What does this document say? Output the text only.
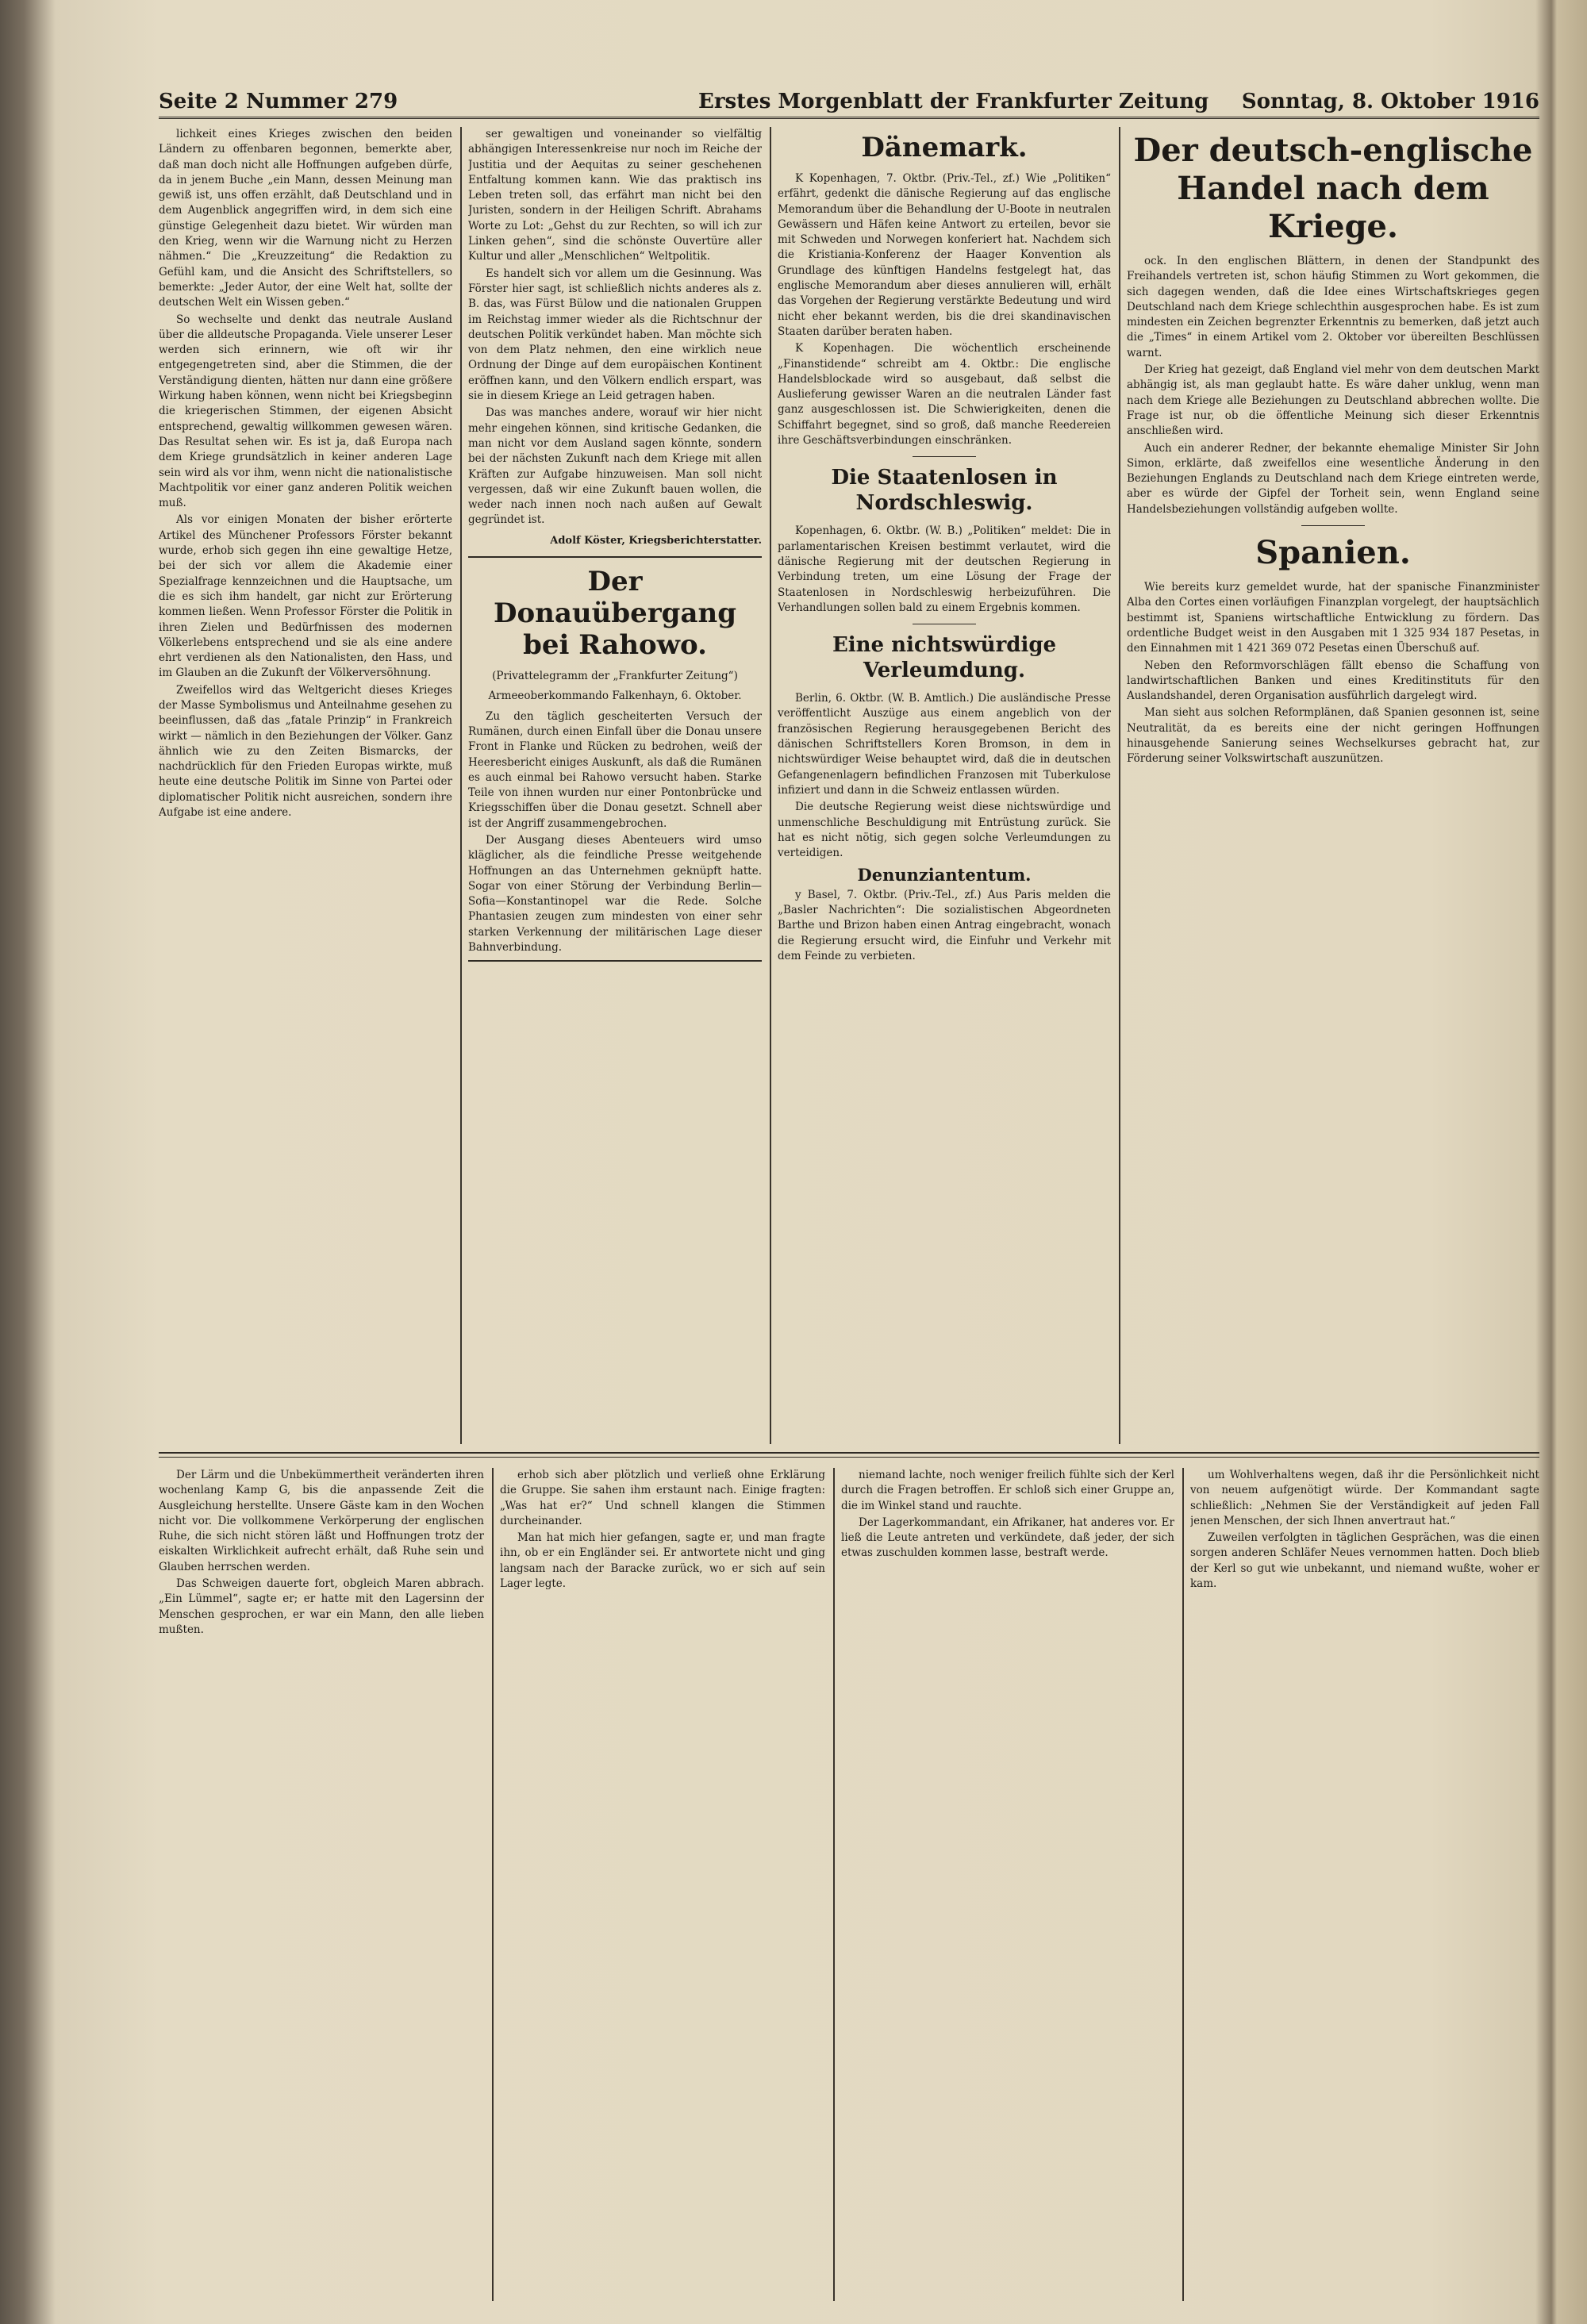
Seite 2 Nummer 279	Erstes Morgenblatt der Frankfurter Zeitung Sonntag, 8. Oktober 1916

lichkeit eines Krieges zwischen den beiden Ländern zu offenbaren begonnen, bemerkte aber, daß man doch nicht alle Hoffnungen aufgeben dürfe, da in jenem Buche „ein Mann, dessen Meinung man gewiß ist, uns offen erzählt, daß Deutschland und in dem Augenblick angegriffen wird, in dem sich eine günstige Gelegenheit dazu bietet. Wir würden man den Krieg, wenn wir die Warnung nicht zu Herzen nähmen.“ Die „Kreuzzeitung“ die Redaktion zu Gefühl kam, und die Ansicht des Schriftstellers, so bemerkte: „Jeder Autor, der eine Welt hat, sollte der deutschen Welt ein Wissen geben.“

So wechselte und denkt das neutrale Ausland über die alldeutsche Propaganda. Viele unserer Leser werden sich erinnern, wie oft wir ihr entgegengetreten sind, aber die Stimmen, die der Verständigung dienten, hätten nur dann eine größere Wirkung haben können, wenn nicht bei Kriegsbeginn die kriegerischen Stimmen, der eigenen Absicht entsprechend, gewaltig willkommen gewesen wären. Das Resultat sehen wir. Es ist ja, daß Europa nach dem Kriege grundsätzlich in keiner anderen Lage sein wird als vor ihm, wenn nicht die nationalistische Machtpolitik vor einer ganz anderen Politik weichen muß.

Als vor einigen Monaten der bisher erörterte Artikel des Münchener Professors Förster bekannt wurde, erhob sich gegen ihn eine gewaltige Hetze, bei der sich vor allem die Akademie einer Spezialfrage kennzeichnen und die Hauptsache, um die es sich ihm handelt, gar nicht zur Erörterung kommen ließen. Wenn Professor Förster die Politik in ihren Zielen und Bedürfnissen des modernen Völkerlebens entsprechend und sie als eine andere ehrt verdienen als den Nationalisten, den Hass, und im Glauben an die Zukunft der Völkerversöhnung.

Zweifellos wird das Weltgericht dieses Krieges der Masse Symbolismus und Anteilnahme gesehen zu beeinflussen, daß das „fatale Prinzip“ in Frankreich wirkt — nämlich in den Beziehungen der Völker. Ganz ähnlich wie zu den Zeiten Bismarcks, der nachdrücklich für den Frieden Europas wirkte, muß heute eine deutsche Politik im Sinne von Partei oder diplomatischer Politik nicht ausreichen, sondern ihre Aufgabe ist eine andere.

ser gewaltigen und voneinander so vielfältig abhängigen Interessenkreise nur noch im Reiche der Justitia und der Aequitas zu seiner geschehenen Entfaltung kommen kann. Wie das praktisch ins Leben treten soll, das erfährt man nicht bei den Juristen, sondern in der Heiligen Schrift. Abrahams Worte zu Lot: „Gehst du zur Rechten, so will ich zur Linken gehen“, sind die schönste Ouvertüre aller Kultur und aller „Menschlichen“ Weltpolitik.

Es handelt sich vor allem um die Gesinnung. Was Förster hier sagt, ist schließlich nichts anderes als z. B. das, was Fürst Bülow und die nationalen Gruppen im Reichstag immer wieder als die Richtschnur der deutschen Politik verkündet haben. Man möchte sich von dem Platz nehmen, den eine wirklich neue Ordnung der Dinge auf dem europäischen Kontinent eröffnen kann, und den Völkern endlich erspart, was sie in diesem Kriege an Leid getragen haben.

Das was manches andere, worauf wir hier nicht mehr eingehen können, sind kritische Gedanken, die man nicht vor dem Ausland sagen könnte, sondern bei der nächsten Zukunft nach dem Kriege mit allen Kräften zur Aufgabe hinzuweisen. Man soll nicht vergessen, daß wir eine Zukunft bauen wollen, die weder nach innen noch nach außen auf Gewalt gegründet ist.

Adolf Köster, Kriegsberichterstatter.
Der Donauübergang bei Rahowo.
(Privattelegramm der „Frankfurter Zeitung“)
Armeeoberkommando Falkenhayn, 6. Oktober.

Zu den täglich gescheiterten Versuch der Rumänen, durch einen Einfall über die Donau unsere Front in Flanke und Rücken zu bedrohen, weiß der Heeresbericht einiges Auskunft, als daß die Rumänen es auch einmal bei Rahowo versucht haben. Starke Teile von ihnen wurden nur einer Pontonbrücke und Kriegsschiffen über die Donau gesetzt. Schnell aber ist der Angriff zusammengebrochen.

Der Ausgang dieses Abenteuers wird umso kläglicher, als die feindliche Presse weitgehende Hoffnungen an das Unternehmen geknüpft hatte. Sogar von einer Störung der Verbindung Berlin—Sofia—Konstantinopel war die Rede. Solche Phantasien zeugen zum mindesten von einer sehr starken Verkennung der militärischen Lage dieser Bahnverbindung.

Dänemark.

K Kopenhagen, 7. Oktbr. (Priv.-Tel., zf.) Wie „Politiken“ erfährt, gedenkt die dänische Regierung auf das englische Memorandum über die Behandlung der U-Boote in neutralen Gewässern und Häfen keine Antwort zu erteilen, bevor sie mit Schweden und Norwegen konferiert hat. Nachdem sich die Kristiania-Konferenz der Haager Konvention als Grundlage des künftigen Handelns festgelegt hat, das englische Memorandum aber dieses annulieren will, erhält das Vorgehen der Regierung verstärkte Bedeutung und wird nicht eher bekannt werden, bis die drei skandinavischen Staaten darüber beraten haben.

K Kopenhagen. Die wöchentlich erscheinende „Finanstidende“ schreibt am 4. Oktbr.: Die englische Handelsblockade wird so ausgebaut, daß selbst die Auslieferung gewisser Waren an die neutralen Länder fast ganz ausgeschlossen ist. Die Schwierigkeiten, denen die Schiffahrt begegnet, sind so groß, daß manche Reedereien ihre Geschäftsverbindungen einschränken.

Die Staatenlosen in Nordschleswig.

Kopenhagen, 6. Oktbr. (W. B.) „Politiken“ meldet: Die in parlamentarischen Kreisen bestimmt verlautet, wird die dänische Regierung mit der deutschen Regierung in Verbindung treten, um eine Lösung der Frage der Staatenlosen in Nordschleswig herbeizuführen. Die Verhandlungen sollen bald zu einem Ergebnis kommen.

Eine nichtswürdige Verleumdung.

Berlin, 6. Oktbr. (W. B. Amtlich.) Die ausländische Presse veröffentlicht Auszüge aus einem angeblich von der französischen Regierung herausgegebenen Bericht des dänischen Schriftstellers Koren Bromson, in dem in nichtswürdiger Weise behauptet wird, daß die in deutschen Gefangenenlagern befindlichen Franzosen mit Tuberkulose infiziert und dann in die Schweiz entlassen würden.

Die deutsche Regierung weist diese nichtswürdige und unmenschliche Beschuldigung mit Entrüstung zurück. Sie hat es nicht nötig, sich gegen solche Verleumdungen zu verteidigen.

Denunziantentum.

y Basel, 7. Oktbr. (Priv.-Tel., zf.) Aus Paris melden die „Basler Nachrichten“: Die sozialistischen Abgeordneten Barthe und Brizon haben einen Antrag eingebracht, wonach die Regierung ersucht wird, die Einfuhr und Verkehr mit dem Feinde zu verbieten.

Der deutsch-englische Handel nach dem Kriege.

ock. In den englischen Blättern, in denen der Standpunkt des Freihandels vertreten ist, schon häufig Stimmen zu Wort gekommen, die sich dagegen wenden, daß die Idee eines Wirtschaftskrieges gegen Deutschland nach dem Kriege schlechthin ausgesprochen habe. Es ist zum mindesten ein Zeichen begrenzter Erkenntnis zu bemerken, daß jetzt auch die „Times“ in einem Artikel vom 2. Oktober vor übereilten Beschlüssen warnt.

Der Krieg hat gezeigt, daß England viel mehr von dem deutschen Markt abhängig ist, als man geglaubt hatte. Es wäre daher unklug, wenn man nach dem Kriege alle Beziehungen zu Deutschland abbrechen wollte. Die Frage ist nur, ob die öffentliche Meinung sich dieser Erkenntnis anschließen wird.

Auch ein anderer Redner, der bekannte ehemalige Minister Sir John Simon, erklärte, daß zweifellos eine wesentliche Änderung in den Beziehungen Englands zu Deutschland nach dem Kriege eintreten werde, aber es würde der Gipfel der Torheit sein, wenn England seine Handelsbeziehungen vollständig aufgeben wollte.

Spanien.

Wie bereits kurz gemeldet wurde, hat der spanische Finanzminister Alba den Cortes einen vorläufigen Finanzplan vorgelegt, der hauptsächlich bestimmt ist, Spaniens wirtschaftliche Entwicklung zu fördern. Das ordentliche Budget weist in den Ausgaben mit 1 325 934 187 Pesetas, in den Einnahmen mit 1 421 369 072 Pesetas einen Überschuß auf.

Neben den Reformvorschlägen fällt ebenso die Schaffung von landwirtschaftlichen Banken und eines Kreditinstituts für den Auslandshandel, deren Organisation ausführlich dargelegt wird.

Man sieht aus solchen Reformplänen, daß Spanien gesonnen ist, seine Neutralität, da es bereits eine der nicht geringen Hoffnungen hinausgehende Sanierung seines Wechselkurses gebracht hat, zur Förderung seiner Volkswirtschaft auszunützen.

Der Lärm und die Unbekümmertheit veränderten ihren wochenlang Kamp G, bis die anpassende Zeit die Ausgleichung herstellte. Unsere Gäste kam in den Wochen nicht vor. Die vollkommene Verkörperung der englischen Ruhe, die sich nicht stören läßt und Hoffnungen trotz der eiskalten Wirklichkeit aufrecht erhält, daß Ruhe sein und Glauben herrschen werden.

Das Schweigen dauerte fort, obgleich Maren abbrach. „Ein Lümmel“, sagte er; er hatte mit den Lagersinn der Menschen gesprochen, er war ein Mann, den alle lieben mußten.

erhob sich aber plötzlich und verließ ohne Erklärung die Gruppe. Sie sahen ihm erstaunt nach. Einige fragten: „Was hat er?“ Und schnell klangen die Stimmen durcheinander.

Man hat mich hier gefangen, sagte er, und man fragte ihn, ob er ein Engländer sei. Er antwortete nicht und ging langsam nach der Baracke zurück, wo er sich auf sein Lager legte.

niemand lachte, noch weniger freilich fühlte sich der Kerl durch die Fragen betroffen. Er schloß sich einer Gruppe an, die im Winkel stand und rauchte.

Der Lagerkommandant, ein Afrikaner, hat anderes vor. Er ließ die Leute antreten und verkündete, daß jeder, der sich etwas zuschulden kommen lasse, bestraft werde.

um Wohlverhaltens wegen, daß ihr die Persönlichkeit nicht von neuem aufgenötigt würde. Der Kommandant sagte schließlich: „Nehmen Sie der Verständigkeit auf jeden Fall jenen Menschen, der sich Ihnen anvertraut hat.“

Zuweilen verfolgten in täglichen Gesprächen, was die einen sorgen anderen Schläfer Neues vernommen hatten. Doch blieb der Kerl so gut wie unbekannt, und niemand wußte, woher er kam.
